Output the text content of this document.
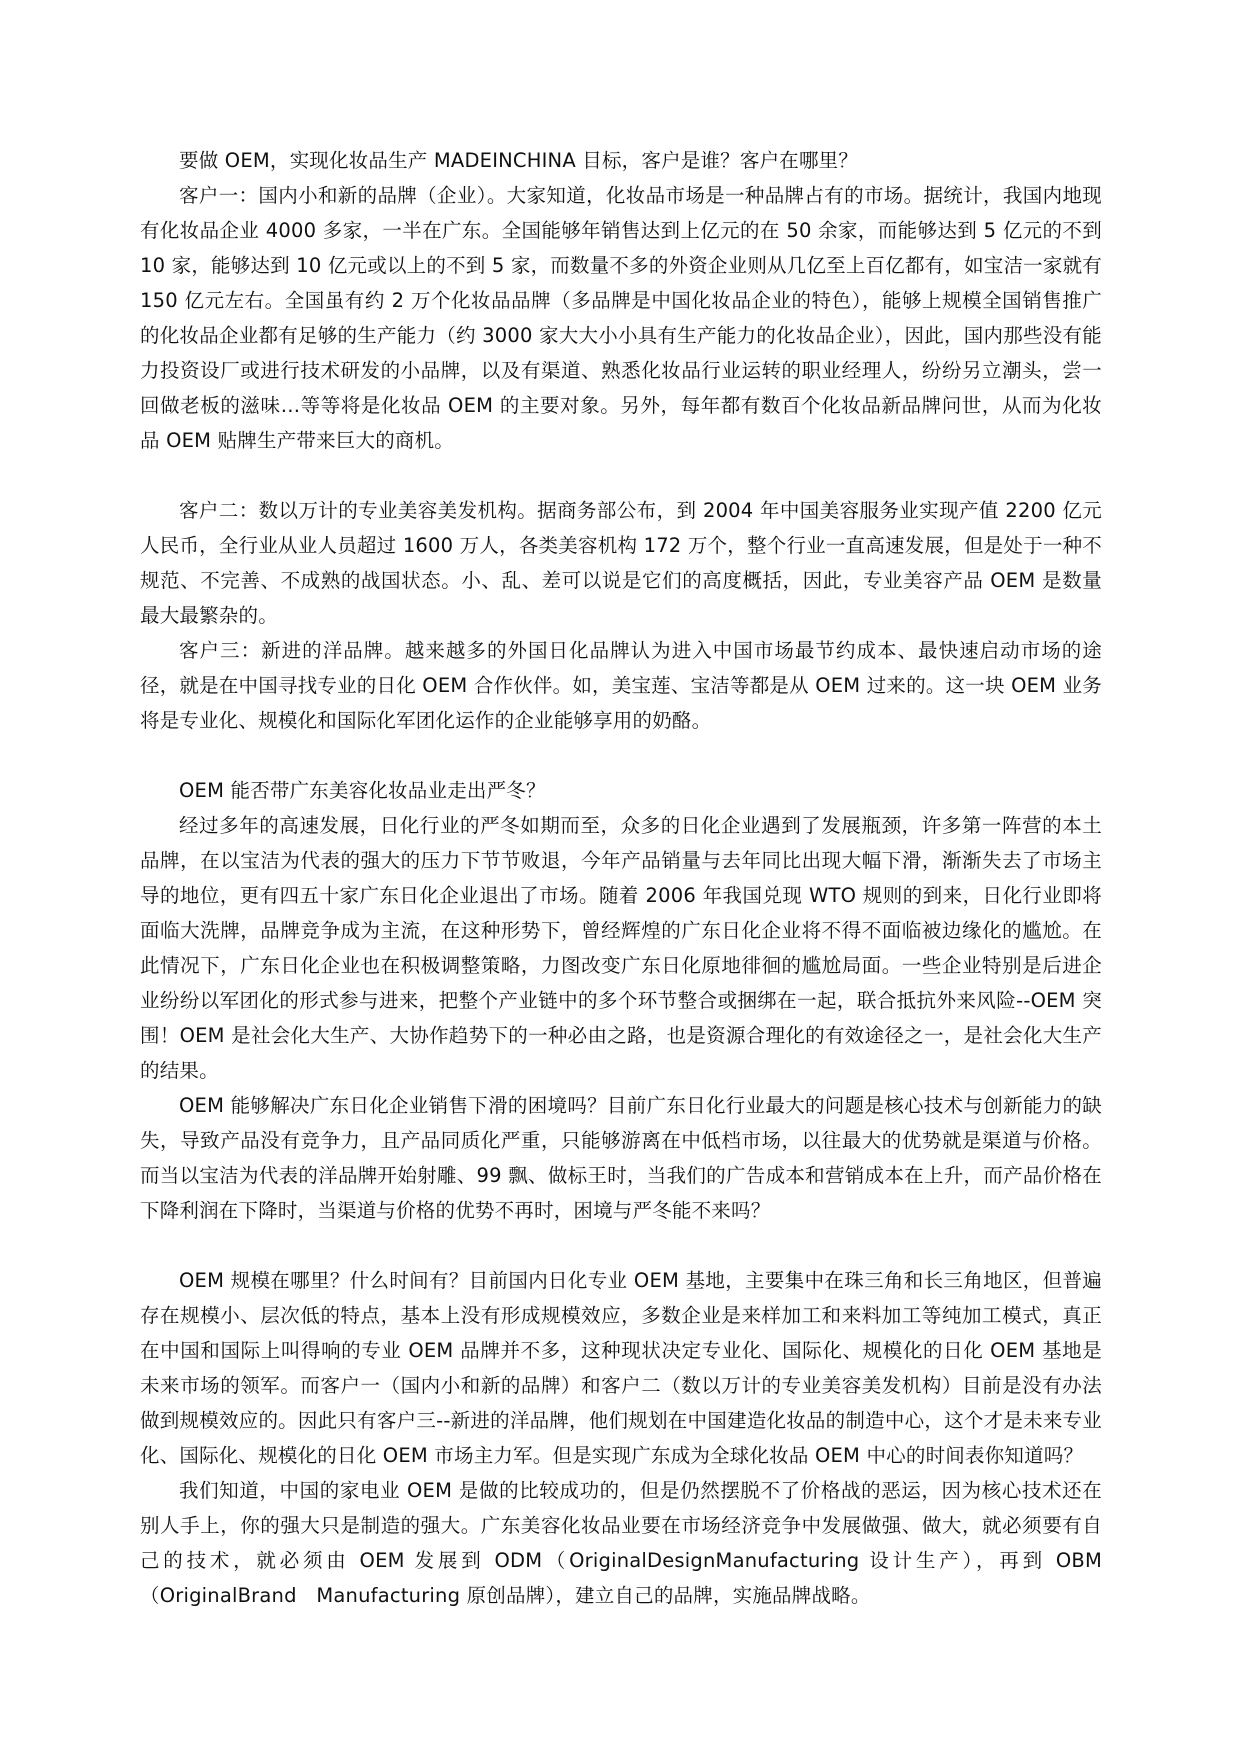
要做 OEM，实现化妆品生产 MADEINCHINA 目标，客户是谁？客户在哪里？

客户一：国内小和新的品牌（企业）。大家知道，化妆品市场是一种品牌占有的市场。据统计，我国内地现有化妆品企业 4000 多家，一半在广东。全国能够年销售达到上亿元的在 50 余家，而能够达到 5 亿元的不到 10 家，能够达到 10 亿元或以上的不到 5 家，而数量不多的外资企业则从几亿至上百亿都有，如宝洁一家就有 150 亿元左右。全国虽有约 2 万个化妆品品牌（多品牌是中国化妆品企业的特色），能够上规模全国销售推广的化妆品企业都有足够的生产能力（约 3000 家大大小小具有生产能力的化妆品企业），因此，国内那些没有能力投资设厂或进行技术研发的小品牌，以及有渠道、熟悉化妆品行业运转的职业经理人，纷纷另立潮头，尝一回做老板的滋味…等等将是化妆品 OEM 的主要对象。另外，每年都有数百个化妆品新品牌问世，从而为化妆品 OEM 贴牌生产带来巨大的商机。

客户二：数以万计的专业美容美发机构。据商务部公布，到 2004 年中国美容服务业实现产值 2200 亿元人民币，全行业从业人员超过 1600 万人，各类美容机构 172 万个，整个行业一直高速发展，但是处于一种不规范、不完善、不成熟的战国状态。小、乱、差可以说是它们的高度概括，因此，专业美容产品 OEM 是数量最大最繁杂的。

客户三：新进的洋品牌。越来越多的外国日化品牌认为进入中国市场最节约成本、最快速启动市场的途径，就是在中国寻找专业的日化 OEM 合作伙伴。如，美宝莲、宝洁等都是从 OEM 过来的。这一块 OEM 业务将是专业化、规模化和国际化军团化运作的企业能够享用的奶酪。

OEM 能否带广东美容化妆品业走出严冬？

经过多年的高速发展，日化行业的严冬如期而至，众多的日化企业遇到了发展瓶颈，许多第一阵营的本土品牌，在以宝洁为代表的强大的压力下节节败退，今年产品销量与去年同比出现大幅下滑，渐渐失去了市场主导的地位，更有四五十家广东日化企业退出了市场。随着 2006 年我国兑现 WTO 规则的到来，日化行业即将面临大洗牌，品牌竞争成为主流，在这种形势下，曾经辉煌的广东日化企业将不得不面临被边缘化的尴尬。在此情况下，广东日化企业也在积极调整策略，力图改变广东日化原地徘徊的尴尬局面。一些企业特别是后进企业纷纷以军团化的形式参与进来，把整个产业链中的多个环节整合或捆绑在一起，联合抵抗外来风险--OEM 突围！OEM 是社会化大生产、大协作趋势下的一种必由之路，也是资源合理化的有效途径之一，是社会化大生产的结果。

OEM 能够解决广东日化企业销售下滑的困境吗？目前广东日化行业最大的问题是核心技术与创新能力的缺失，导致产品没有竞争力，且产品同质化严重，只能够游离在中低档市场，以往最大的优势就是渠道与价格。而当以宝洁为代表的洋品牌开始射雕、99 飘、做标王时，当我们的广告成本和营销成本在上升，而产品价格在下降利润在下降时，当渠道与价格的优势不再时，困境与严冬能不来吗？

OEM 规模在哪里？什么时间有？目前国内日化专业 OEM 基地，主要集中在珠三角和长三角地区，但普遍存在规模小、层次低的特点，基本上没有形成规模效应，多数企业是来样加工和来料加工等纯加工模式，真正在中国和国际上叫得响的专业 OEM 品牌并不多，这种现状决定专业化、国际化、规模化的日化 OEM 基地是未来市场的领军。而客户一（国内小和新的品牌）和客户二（数以万计的专业美容美发机构）目前是没有办法做到规模效应的。因此只有客户三--新进的洋品牌，他们规划在中国建造化妆品的制造中心，这个才是未来专业化、国际化、规模化的日化 OEM 市场主力军。但是实现广东成为全球化妆品 OEM 中心的时间表你知道吗？

我们知道，中国的家电业 OEM 是做的比较成功的，但是仍然摆脱不了价格战的恶运，因为核心技术还在别人手上，你的强大只是制造的强大。广东美容化妆品业要在市场经济竞争中发展做强、做大，就必须要有自己的技术，就必须由 OEM 发展到 ODM（OriginalDesignManufacturing 设计生产），再到 OBM（OriginalBrand　Manufacturing 原创品牌），建立自己的品牌，实施品牌战略。
